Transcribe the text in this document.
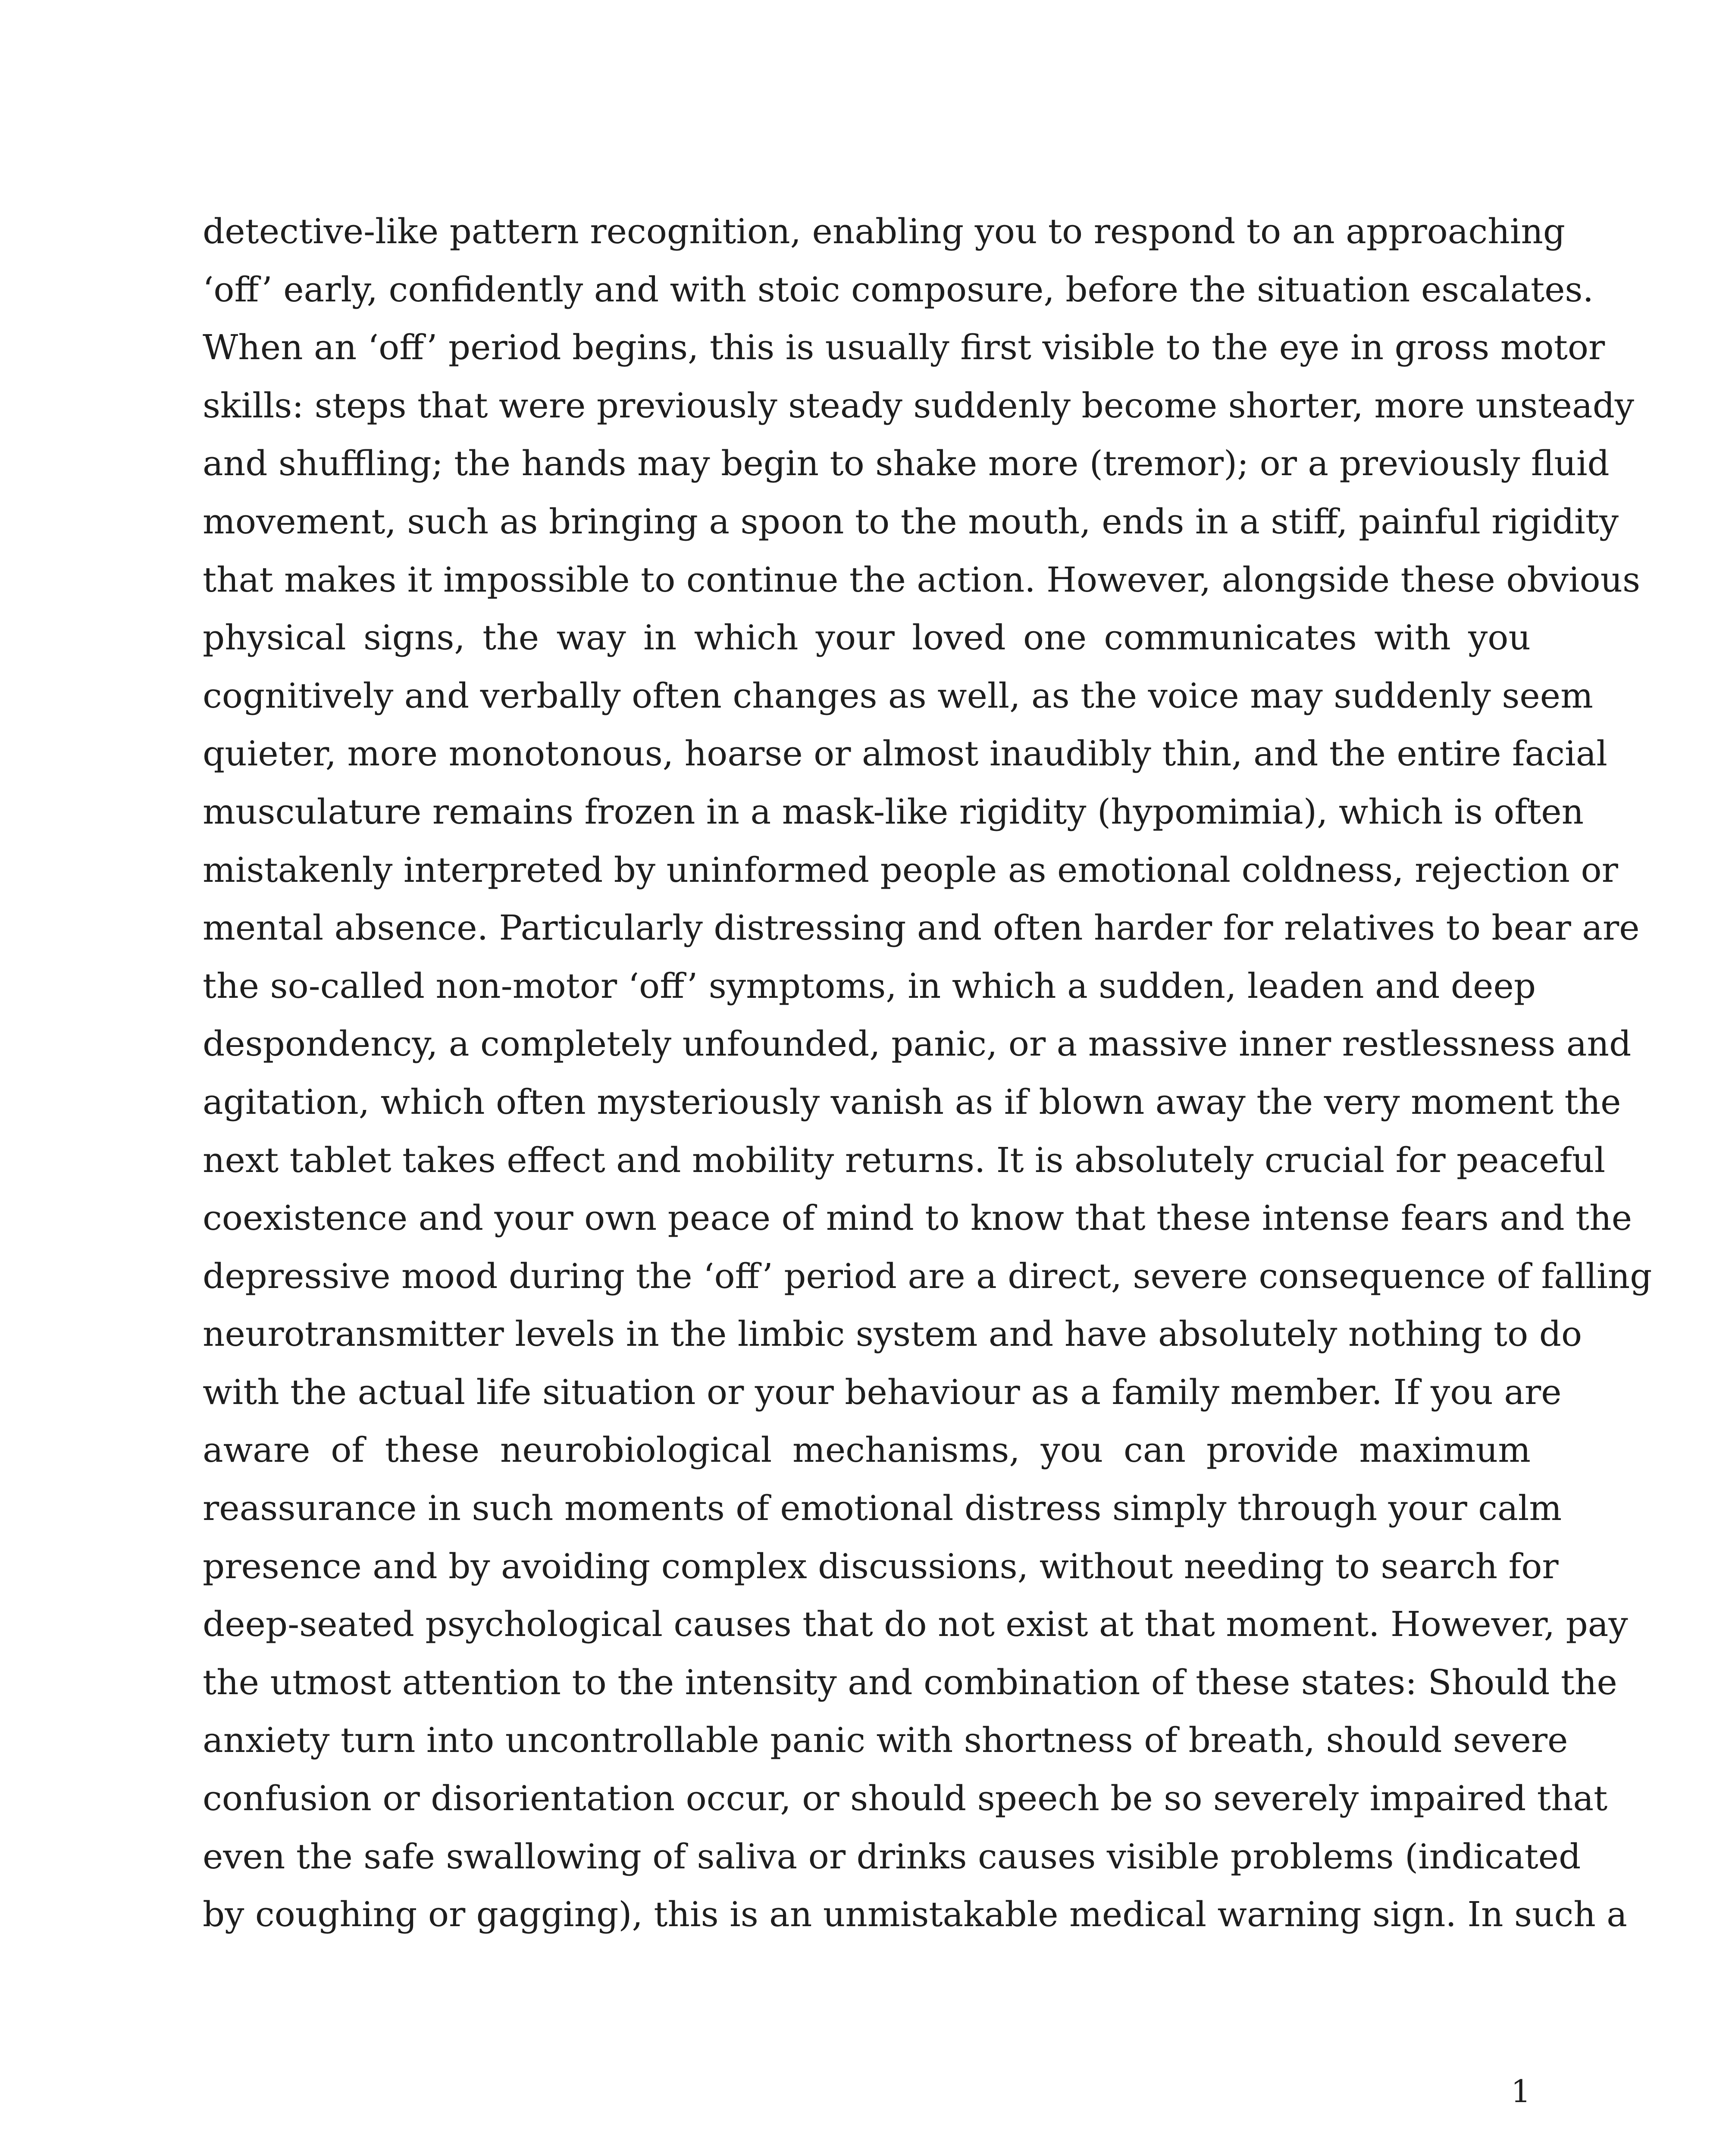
detective-like pattern recognition, enabling you to respond to an approaching
‘off’ early, confidently and with stoic composure, before the situation escalates.
When an ‘off’ period begins, this is usually first visible to the eye in gross motor
skills: steps that were previously steady suddenly become shorter, more unsteady
and shuffling; the hands may begin to shake more (tremor); or a previously fluid
movement, such as bringing a spoon to the mouth, ends in a stiff, painful rigidity
that makes it impossible to continue the action. However, alongside these obvious
physical signs, the way in which your loved one communicates with you
cognitively and verbally often changes as well, as the voice may suddenly seem
quieter, more monotonous, hoarse or almost inaudibly thin, and the entire facial
musculature remains frozen in a mask-like rigidity (hypomimia), which is often
mistakenly interpreted by uninformed people as emotional coldness, rejection or
mental absence. Particularly distressing and often harder for relatives to bear are
the so-called non-motor ‘off’ symptoms, in which a sudden, leaden and deep
despondency, a completely unfounded, panic, or a massive inner restlessness and
agitation, which often mysteriously vanish as if blown away the very moment the
next tablet takes effect and mobility returns. It is absolutely crucial for peaceful
coexistence and your own peace of mind to know that these intense fears and the
depressive mood during the ‘off’ period are a direct, severe consequence of falling
neurotransmitter levels in the limbic system and have absolutely nothing to do
with the actual life situation or your behaviour as a family member. If you are
aware of these neurobiological mechanisms, you can provide maximum
reassurance in such moments of emotional distress simply through your calm
presence and by avoiding complex discussions, without needing to search for
deep-seated psychological causes that do not exist at that moment. However, pay
the utmost attention to the intensity and combination of these states: Should the
anxiety turn into uncontrollable panic with shortness of breath, should severe
confusion or disorientation occur, or should speech be so severely impaired that
even the safe swallowing of saliva or drinks causes visible problems (indicated
by coughing or gagging), this is an unmistakable medical warning sign. In such a
1
